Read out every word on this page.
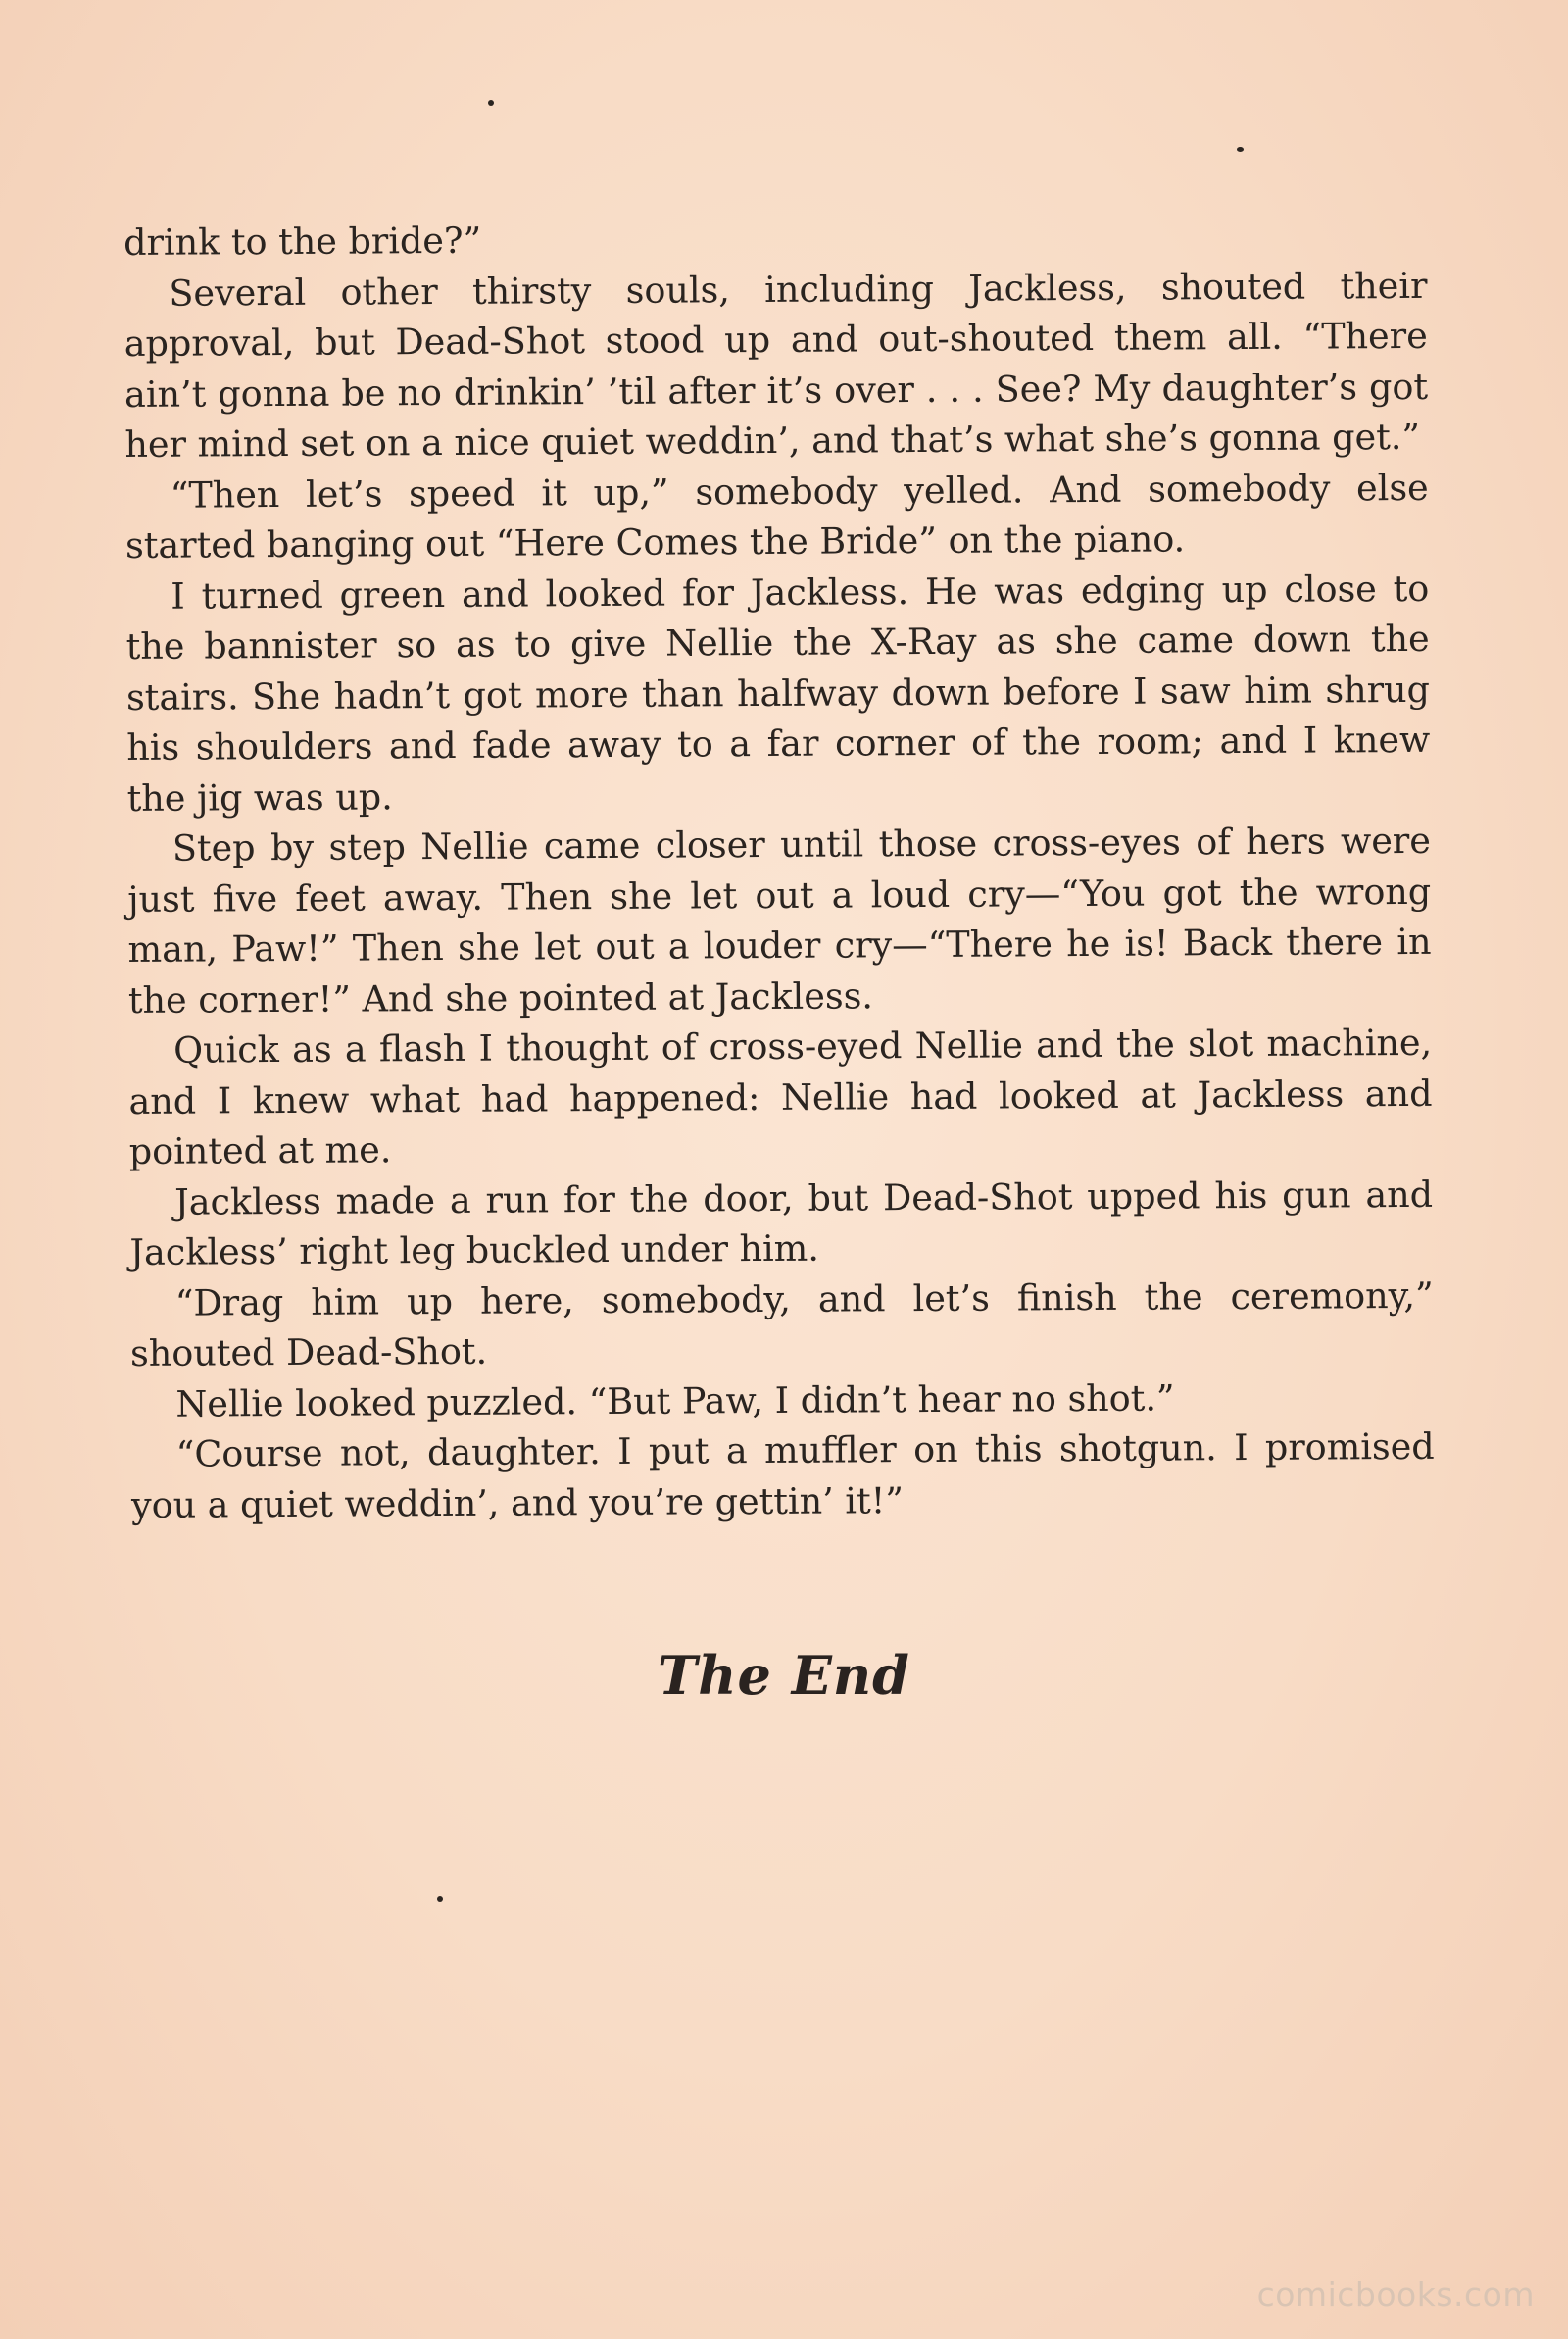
drink to the bride?”

Several other thirsty souls, including Jackless, shouted their approval, but Dead-Shot stood up and out-shouted them all. “There ain’t gonna be no drinkin’ ’til after it’s over . . . See? My daughter’s got her mind set on a nice quiet weddin’, and that’s what she’s gonna get.”

“Then let’s speed it up,” somebody yelled. And somebody else started banging out “Here Comes the Bride” on the piano.

I turned green and looked for Jackless. He was edging up close to the bannister so as to give Nellie the X-Ray as she came down the stairs. She hadn’t got more than halfway down before I saw him shrug his shoulders and fade away to a far corner of the room; and I knew the jig was up.

Step by step Nellie came closer until those cross-eyes of hers were just five feet away. Then she let out a loud cry—“You got the wrong man, Paw!” Then she let out a louder cry—“There he is! Back there in the corner!” And she pointed at Jackless.

Quick as a flash I thought of cross-eyed Nellie and the slot machine, and I knew what had happened: Nellie had looked at Jackless and pointed at me.

Jackless made a run for the door, but Dead-Shot upped his gun and Jackless’ right leg buckled under him.

“Drag him up here, somebody, and let’s finish the ceremony,” shouted Dead-Shot.

Nellie looked puzzled. “But Paw, I didn’t hear no shot.”

“Course not, daughter. I put a muffler on this shotgun. I promised you a quiet weddin’, and you’re gettin’ it!”

The End
comicbooks.com
